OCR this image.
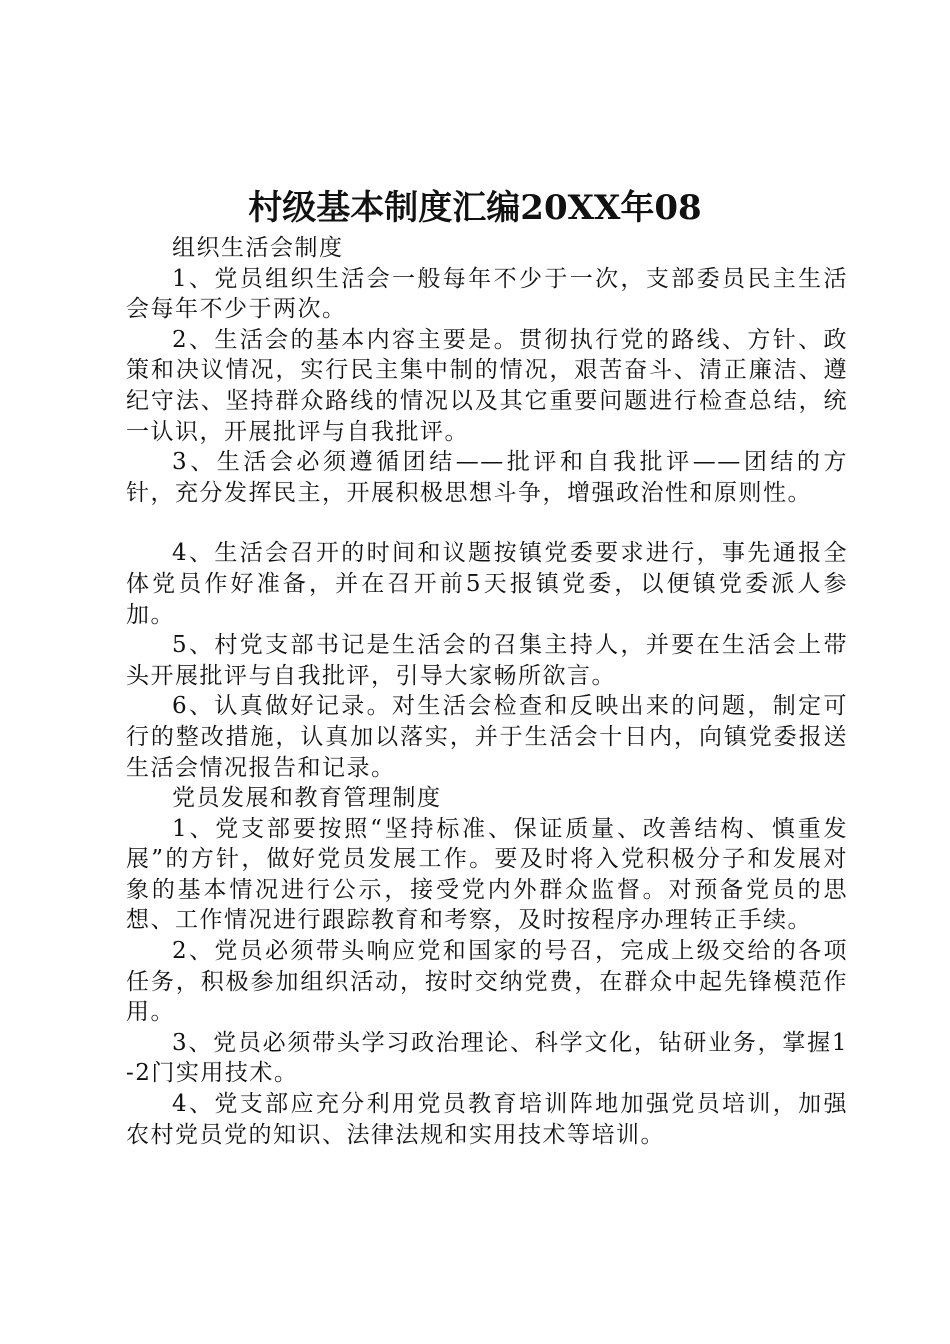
村级基本制度汇编20XX年08

组织生活会制度

1、党员组织生活会一般每年不少于一次，支部委员民主生活会每年不少于两次。

2、生活会的基本内容主要是。贯彻执行党的路线、方针、政策和决议情况，实行民主集中制的情况，艰苦奋斗、清正廉洁、遵纪守法、坚持群众路线的情况以及其它重要问题进行检查总结，统一认识，开展批评与自我批评。

3、生活会必须遵循团结——批评和自我批评——团结的方针，充分发挥民主，开展积极思想斗争，增强政治性和原则性。

4、生活会召开的时间和议题按镇党委要求进行，事先通报全体党员作好准备，并在召开前5天报镇党委，以便镇党委派人参加。

5、村党支部书记是生活会的召集主持人，并要在生活会上带头开展批评与自我批评，引导大家畅所欲言。

6、认真做好记录。对生活会检查和反映出来的问题，制定可行的整改措施，认真加以落实，并于生活会十日内，向镇党委报送生活会情况报告和记录。

党员发展和教育管理制度

1、党支部要按照“坚持标准、保证质量、改善结构、慎重发展”的方针，做好党员发展工作。要及时将入党积极分子和发展对象的基本情况进行公示，接受党内外群众监督。对预备党员的思想、工作情况进行跟踪教育和考察，及时按程序办理转正手续。

2、党员必须带头响应党和国家的号召，完成上级交给的各项任务，积极参加组织活动，按时交纳党费，在群众中起先锋模范作用。

3、党员必须带头学习政治理论、科学文化，钻研业务，掌握1-2门实用技术。

4、党支部应充分利用党员教育培训阵地加强党员培训，加强农村党员党的知识、法律法规和实用技术等培训。
